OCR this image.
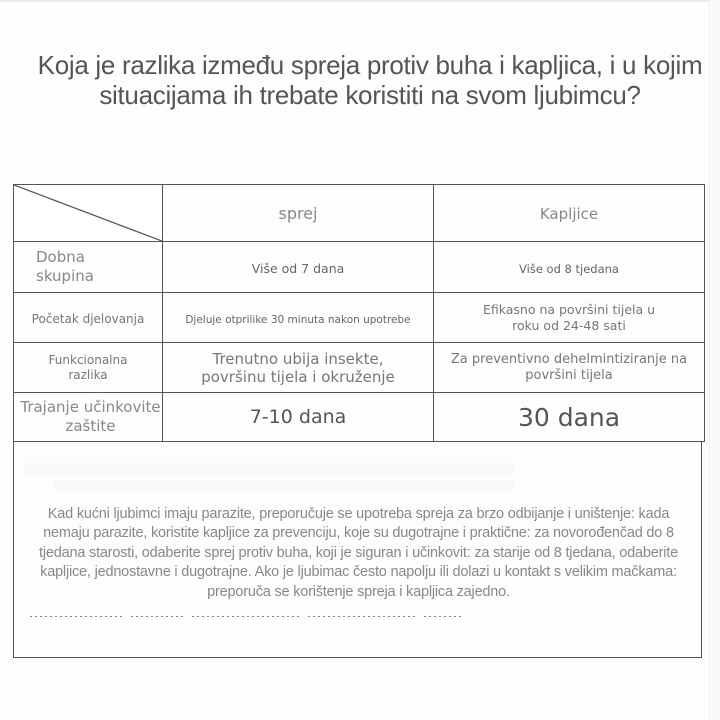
Koja je razlika između spreja protiv buha i kapljica, i u kojim situacijama ih trebate koristiti na svom ljubimcu?
	sprej	Kapljice

Dobna skupina	Više od 7 dana	Više od 8 tjedana
Početak djelovanja	Djeluje otprilike 30 minuta nakon upotrebe	Efikasno na površini tijela u roku od 24-48 sati

Funkcionalna razlika	Trenutno ubija insekte, površinu tijela i okruženje	Za preventivno dehelmintiziranje na površini tijela

Trajanje učinkovite zaštite	7-10 dana	30 dana
Kad kućni ljubimci imaju parazite, preporučuje se upotreba spreja za brzo odbijanje i uništenje: kada nemaju parazite, koristite kapljice za prevenciju, koje su dugotrajne i praktične: za novorođenčad do 8 tjedana starosti, odaberite sprej protiv buha, koji je siguran i učinkovit: za starije od 8 tjedana, odaberite kapljice, jednostavne i dugotrajne. Ako je ljubimac često napolju ili dolazi u kontakt s velikim mačkama: preporuča se korištenje spreja i kapljica zajedno.
